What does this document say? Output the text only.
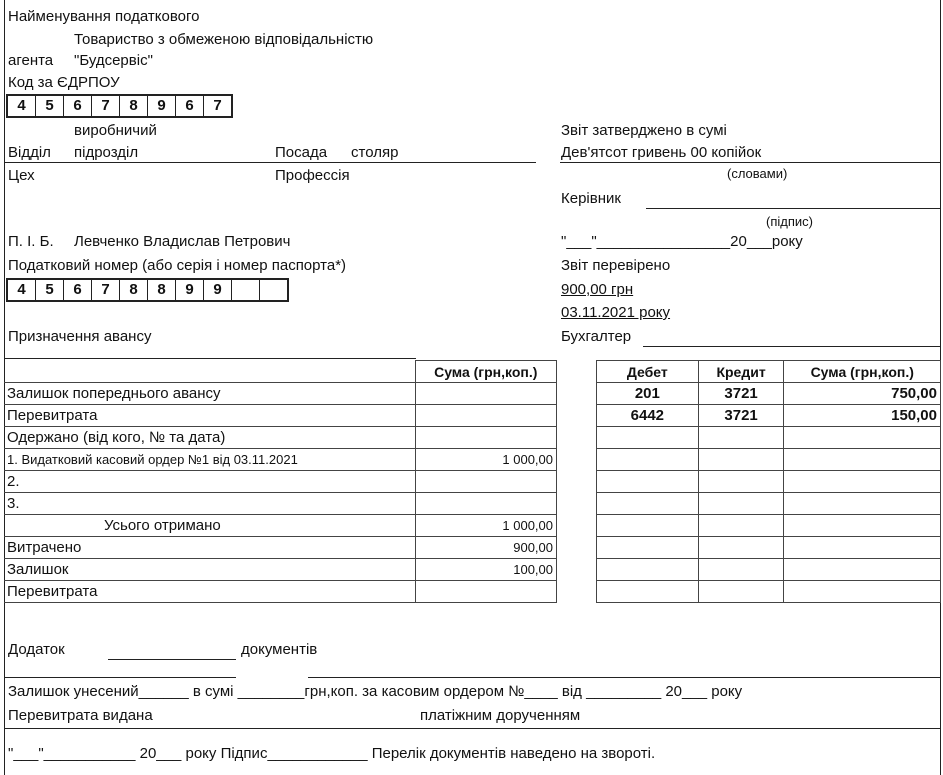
Найменування податкового
Товариство з обмеженою відповідальністю
агента "Будсервіс"
Код за ЄДРПОУ
4	5	6	7	8	9	6	7
виробничий
Відділ підрозділ	Посада столяр
Цех	Профессія
Звіт затверджено в сумі
Дев'ятсот гривень 00 копійок
(словами)
Керівник
(підпис)
"___"________________20___року
П. І. Б. Левченко Владислав Петрович
Податковий номер (або серія і номер паспорта*)
4	5	6	7	8	8	9	9
Звіт перевірено
900,00 грн
03.11.2021 року
Бухгалтер
Призначення авансу
	Сума (грн,коп.)
Залишок попереднього авансу	
Перевитрата	
Одержано (від кого, № та дата)	
1. Видатковий касовий ордер №1 від 03.11.2021	1 000,00
2.	
3.	
Усього отримано	1 000,00
Витрачено	900,00
Залишок	100,00
Перевитрата	
Дебет	Кредит	Сума (грн,коп.)
201	3721	750,00
6442	3721	150,00

Додаток	документів
Залишок унесений______ в сумі ________грн,коп. за касовим ордером №____ від _________ 20___ року
Перевитрата видана	платіжним дорученням
"___"___________ 20___ року Підпис____________ Перелік документів наведено на звороті.
